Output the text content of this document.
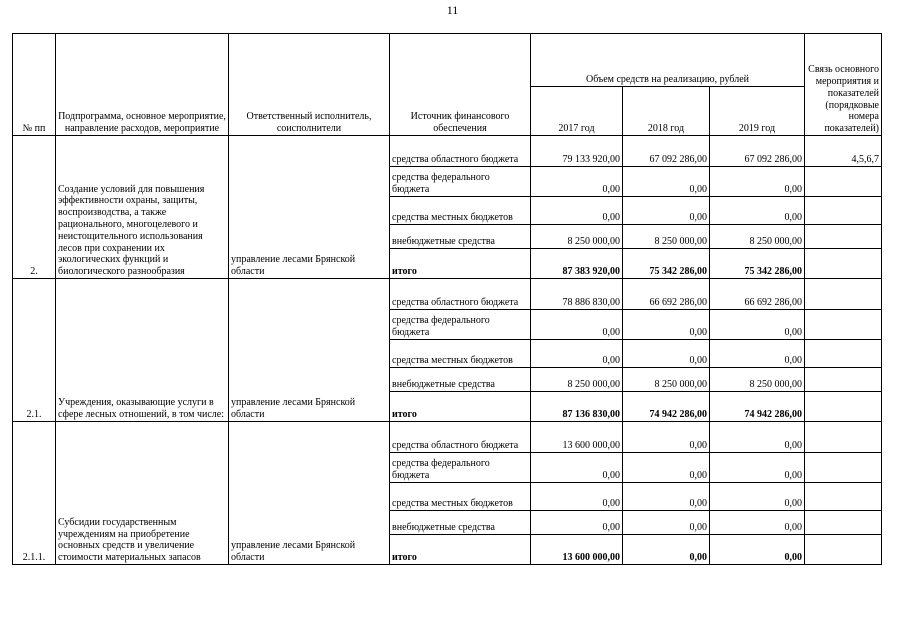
11
№ пп	Подпрограмма, основное мероприятие, направление расходов, мероприятие	Ответственный исполнитель, соисполнители	Источник финансового обеспечения	Объем средств на реализацию, рублей			Связь основного мероприятия и показателей (порядковые номера показателей)
				2017 год	2018 год	2019 год	
2.	Создание условий для повышения эффективности охраны, защиты, воспроизводства, а также рационального, многоцелевого и неистощительного использования лесов при сохранении их экологических функций и биологического разнообразия	управление лесами Брянской области	средства областного бюджета	79 133 920,00	67 092 286,00	67 092 286,00	4,5,6,7
			средства федерального бюджета	0,00	0,00	0,00	
			средства местных бюджетов	0,00	0,00	0,00	
			внебюджетные средства	8 250 000,00	8 250 000,00	8 250 000,00	
			итого	87 383 920,00	75 342 286,00	75 342 286,00	
2.1.	Учреждения, оказывающие услуги в сфере лесных отношений, в том числе:	управление лесами Брянской области	средства областного бюджета	78 886 830,00	66 692 286,00	66 692 286,00	
			средства федерального бюджета	0,00	0,00	0,00	
			средства местных бюджетов	0,00	0,00	0,00	
			внебюджетные средства	8 250 000,00	8 250 000,00	8 250 000,00	
			итого	87 136 830,00	74 942 286,00	74 942 286,00	
2.1.1.	Субсидии государственным учреждениям на приобретение основных средств и увеличение стоимости материальных запасов	управление лесами Брянской области	средства областного бюджета	13 600 000,00	0,00	0,00	
			средства федерального бюджета	0,00	0,00	0,00	
			средства местных бюджетов	0,00	0,00	0,00	
			внебюджетные средства	0,00	0,00	0,00	
			итого	13 600 000,00	0,00	0,00	
